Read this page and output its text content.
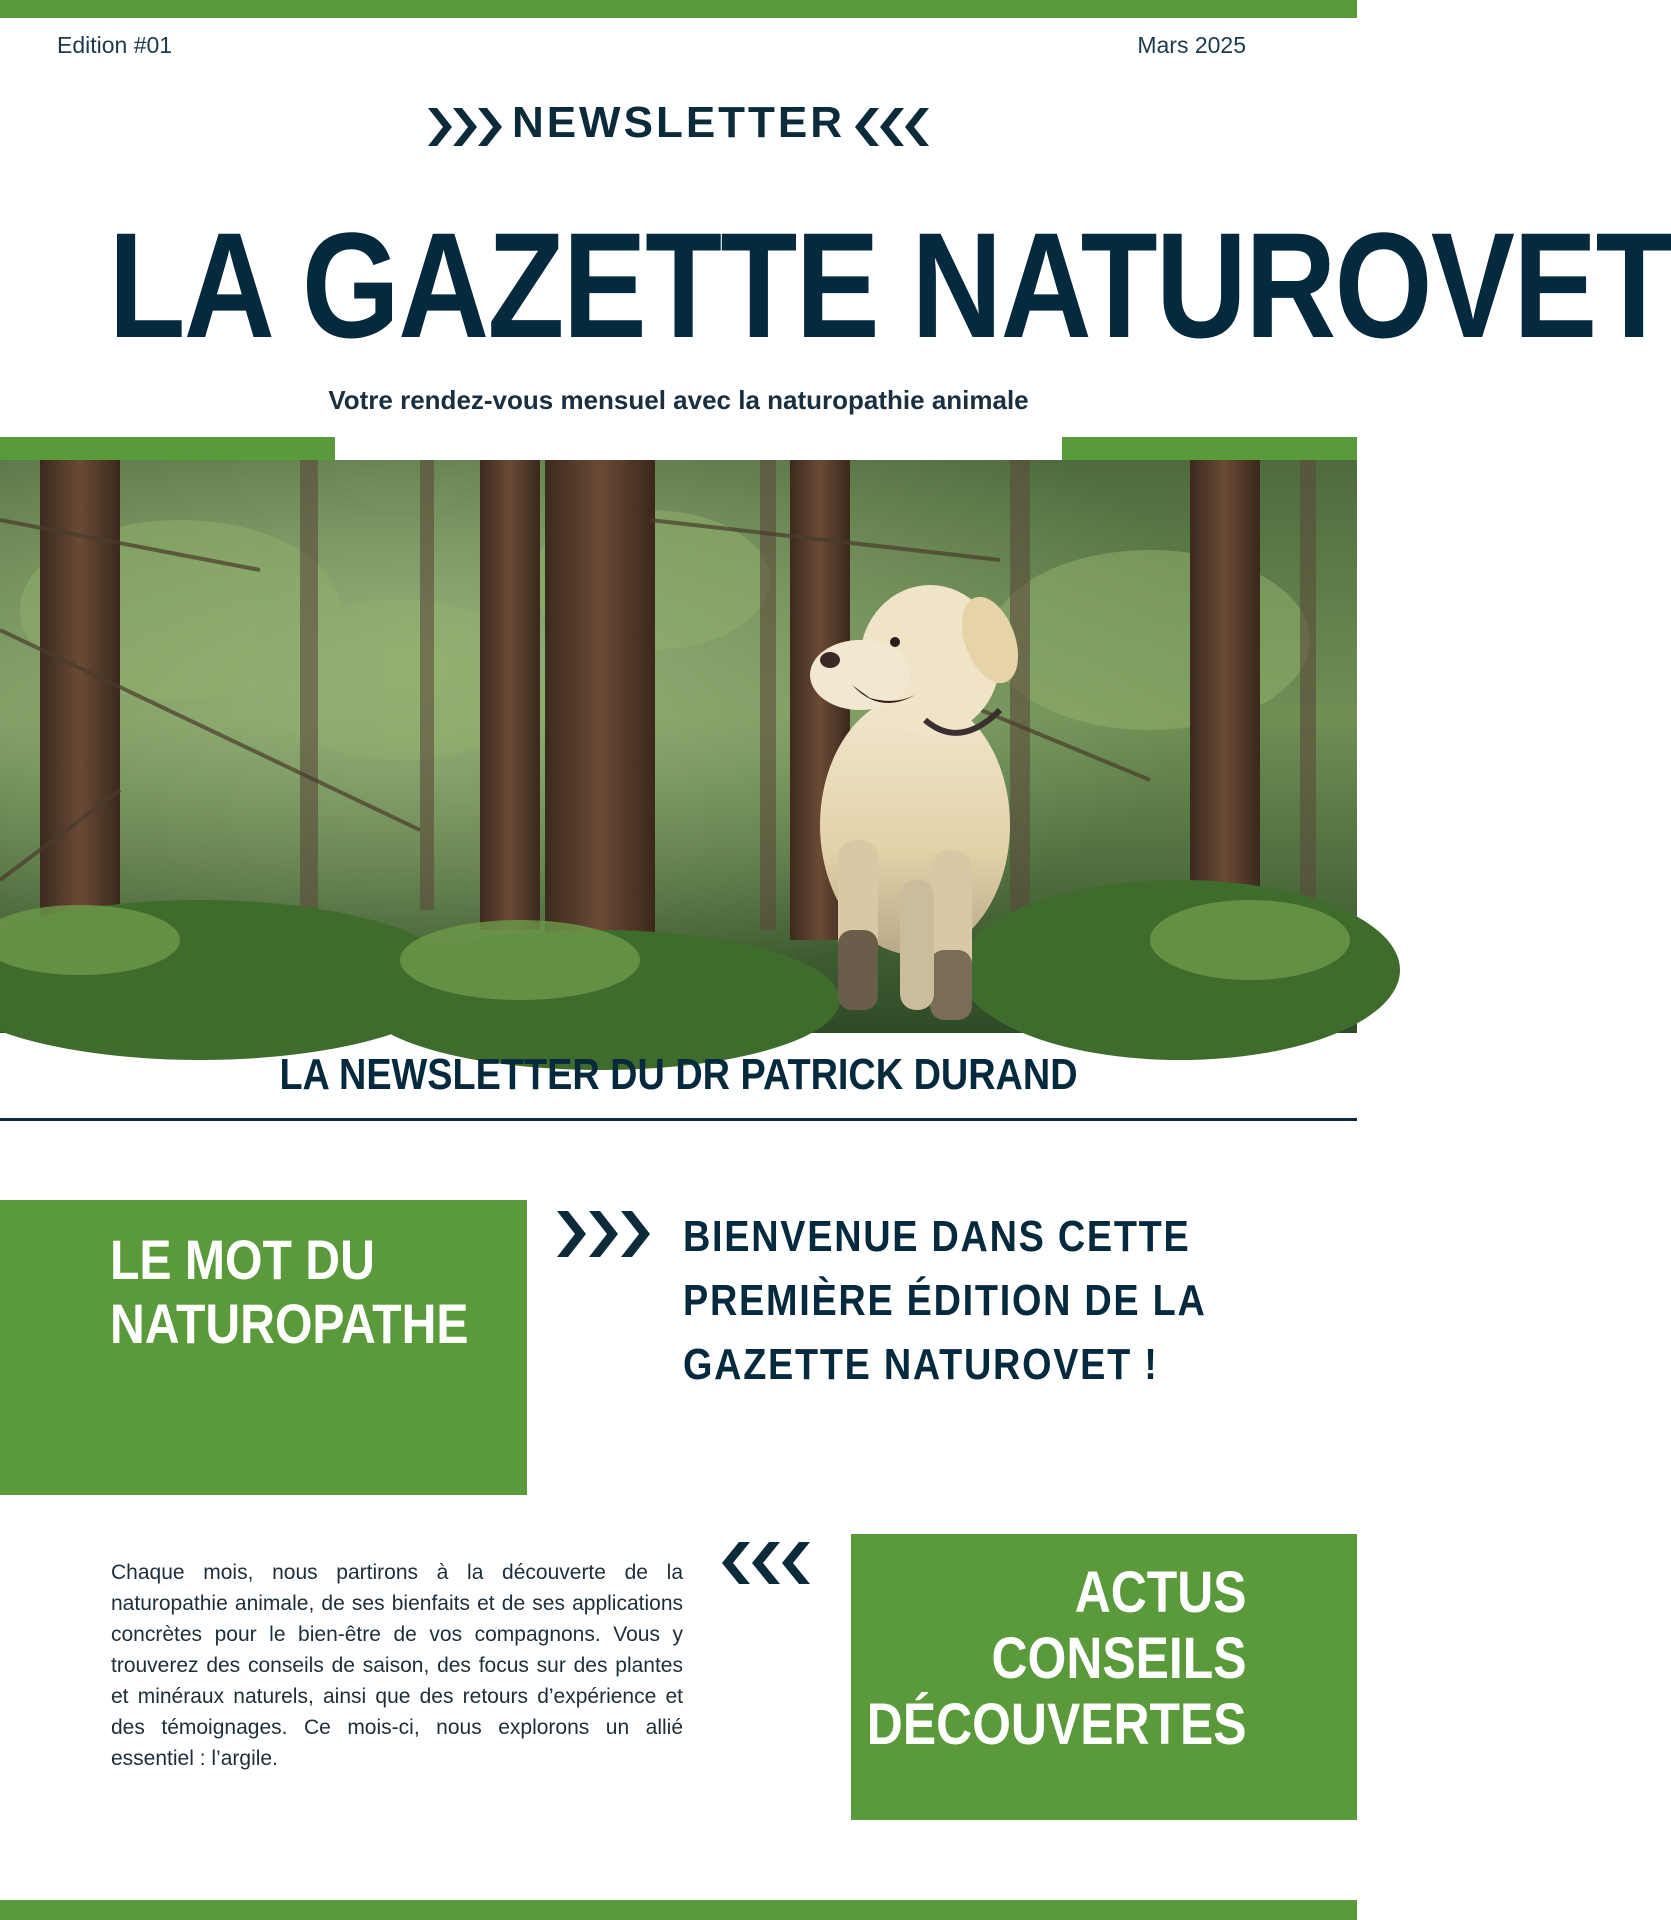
Edition #01	Mars 2025
NEWSLETTER
LA GAZETTE NATUROVET
Votre rendez-vous mensuel avec la naturopathie animale
LA NEWSLETTER DU DR PATRICK DURAND
LE MOT DU
NATUROPATHE
BIENVENUE DANS CETTE
PREMIÈRE ÉDITION DE LA
GAZETTE NATUROVET !
Chaque mois, nous partirons à la découverte de la naturopathie animale, de ses bienfaits et de ses applications concrètes pour le bien-être de vos compagnons. Vous y trouverez des conseils de saison, des focus sur des plantes et minéraux naturels, ainsi que des retours d’expérience et des témoignages. Ce mois-ci, nous explorons un allié essentiel : l’argile.
ACTUS
CONSEILS
DÉCOUVERTES
